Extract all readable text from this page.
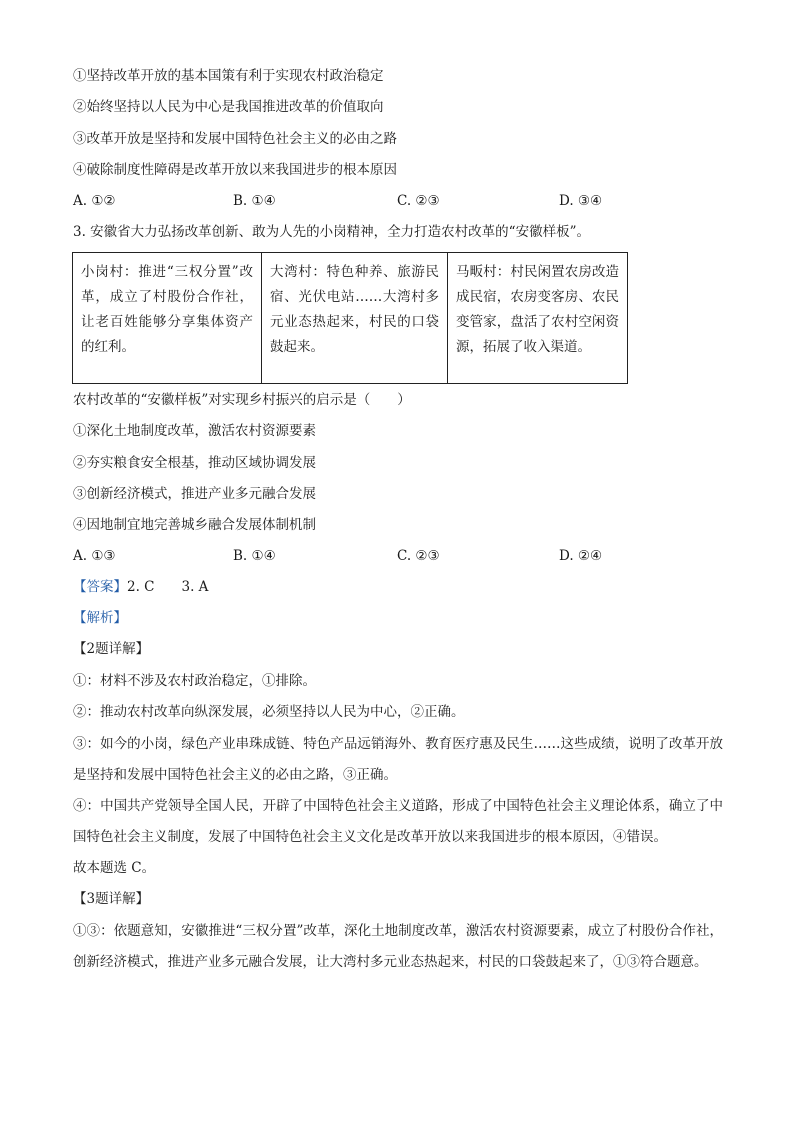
①坚持改革开放的基本国策有利于实现农村政治稳定
②始终坚持以人民为中心是我国推进改革的价值取向
③改革开放是坚持和发展中国特色社会主义的必由之路
④破除制度性障碍是改革开放以来我国进步的根本原因
A. ①②	B. ①④	C. ②③	D. ③④
3. 安徽省大力弘扬改革创新、敢为人先的小岗精神，全力打造农村改革的“安徽样板”。
小岗村：推进“三权分置”改革，成立了村股份合作社，让老百姓能够分享集体资产的红利。	大湾村：特色种养、旅游民宿、光伏电站……大湾村多元业态热起来，村民的口袋鼓起来。	马畈村：村民闲置农房改造成民宿，农房变客房、农民变管家，盘活了农村空闲资源，拓展了收入渠道。
农村改革的“安徽样板”对实现乡村振兴的启示是（　　）
①深化土地制度改革，激活农村资源要素
②夯实粮食安全根基，推动区域协调发展
③创新经济模式，推进产业多元融合发展
④因地制宜地完善城乡融合发展体制机制
A. ①③	B. ①④	C. ②③	D. ②④
【答案】2. C　　3. A
【解析】
【2题详解】
①：材料不涉及农村政治稳定，①排除。
②：推动农村改革向纵深发展，必须坚持以人民为中心，②正确。
③：如今的小岗，绿色产业串珠成链、特色产品远销海外、教育医疗惠及民生……这些成绩，说明了改革开放是坚持和发展中国特色社会主义的必由之路，③正确。
④：中国共产党领导全国人民，开辟了中国特色社会主义道路，形成了中国特色社会主义理论体系，确立了中国特色社会主义制度，发展了中国特色社会主义文化是改革开放以来我国进步的根本原因，④错误。
故本题选 C。
【3题详解】
①③：依题意知，安徽推进“三权分置”改革，深化土地制度改革，激活农村资源要素，成立了村股份合作社，创新经济模式，推进产业多元融合发展，让大湾村多元业态热起来，村民的口袋鼓起来了，①③符合题意。
